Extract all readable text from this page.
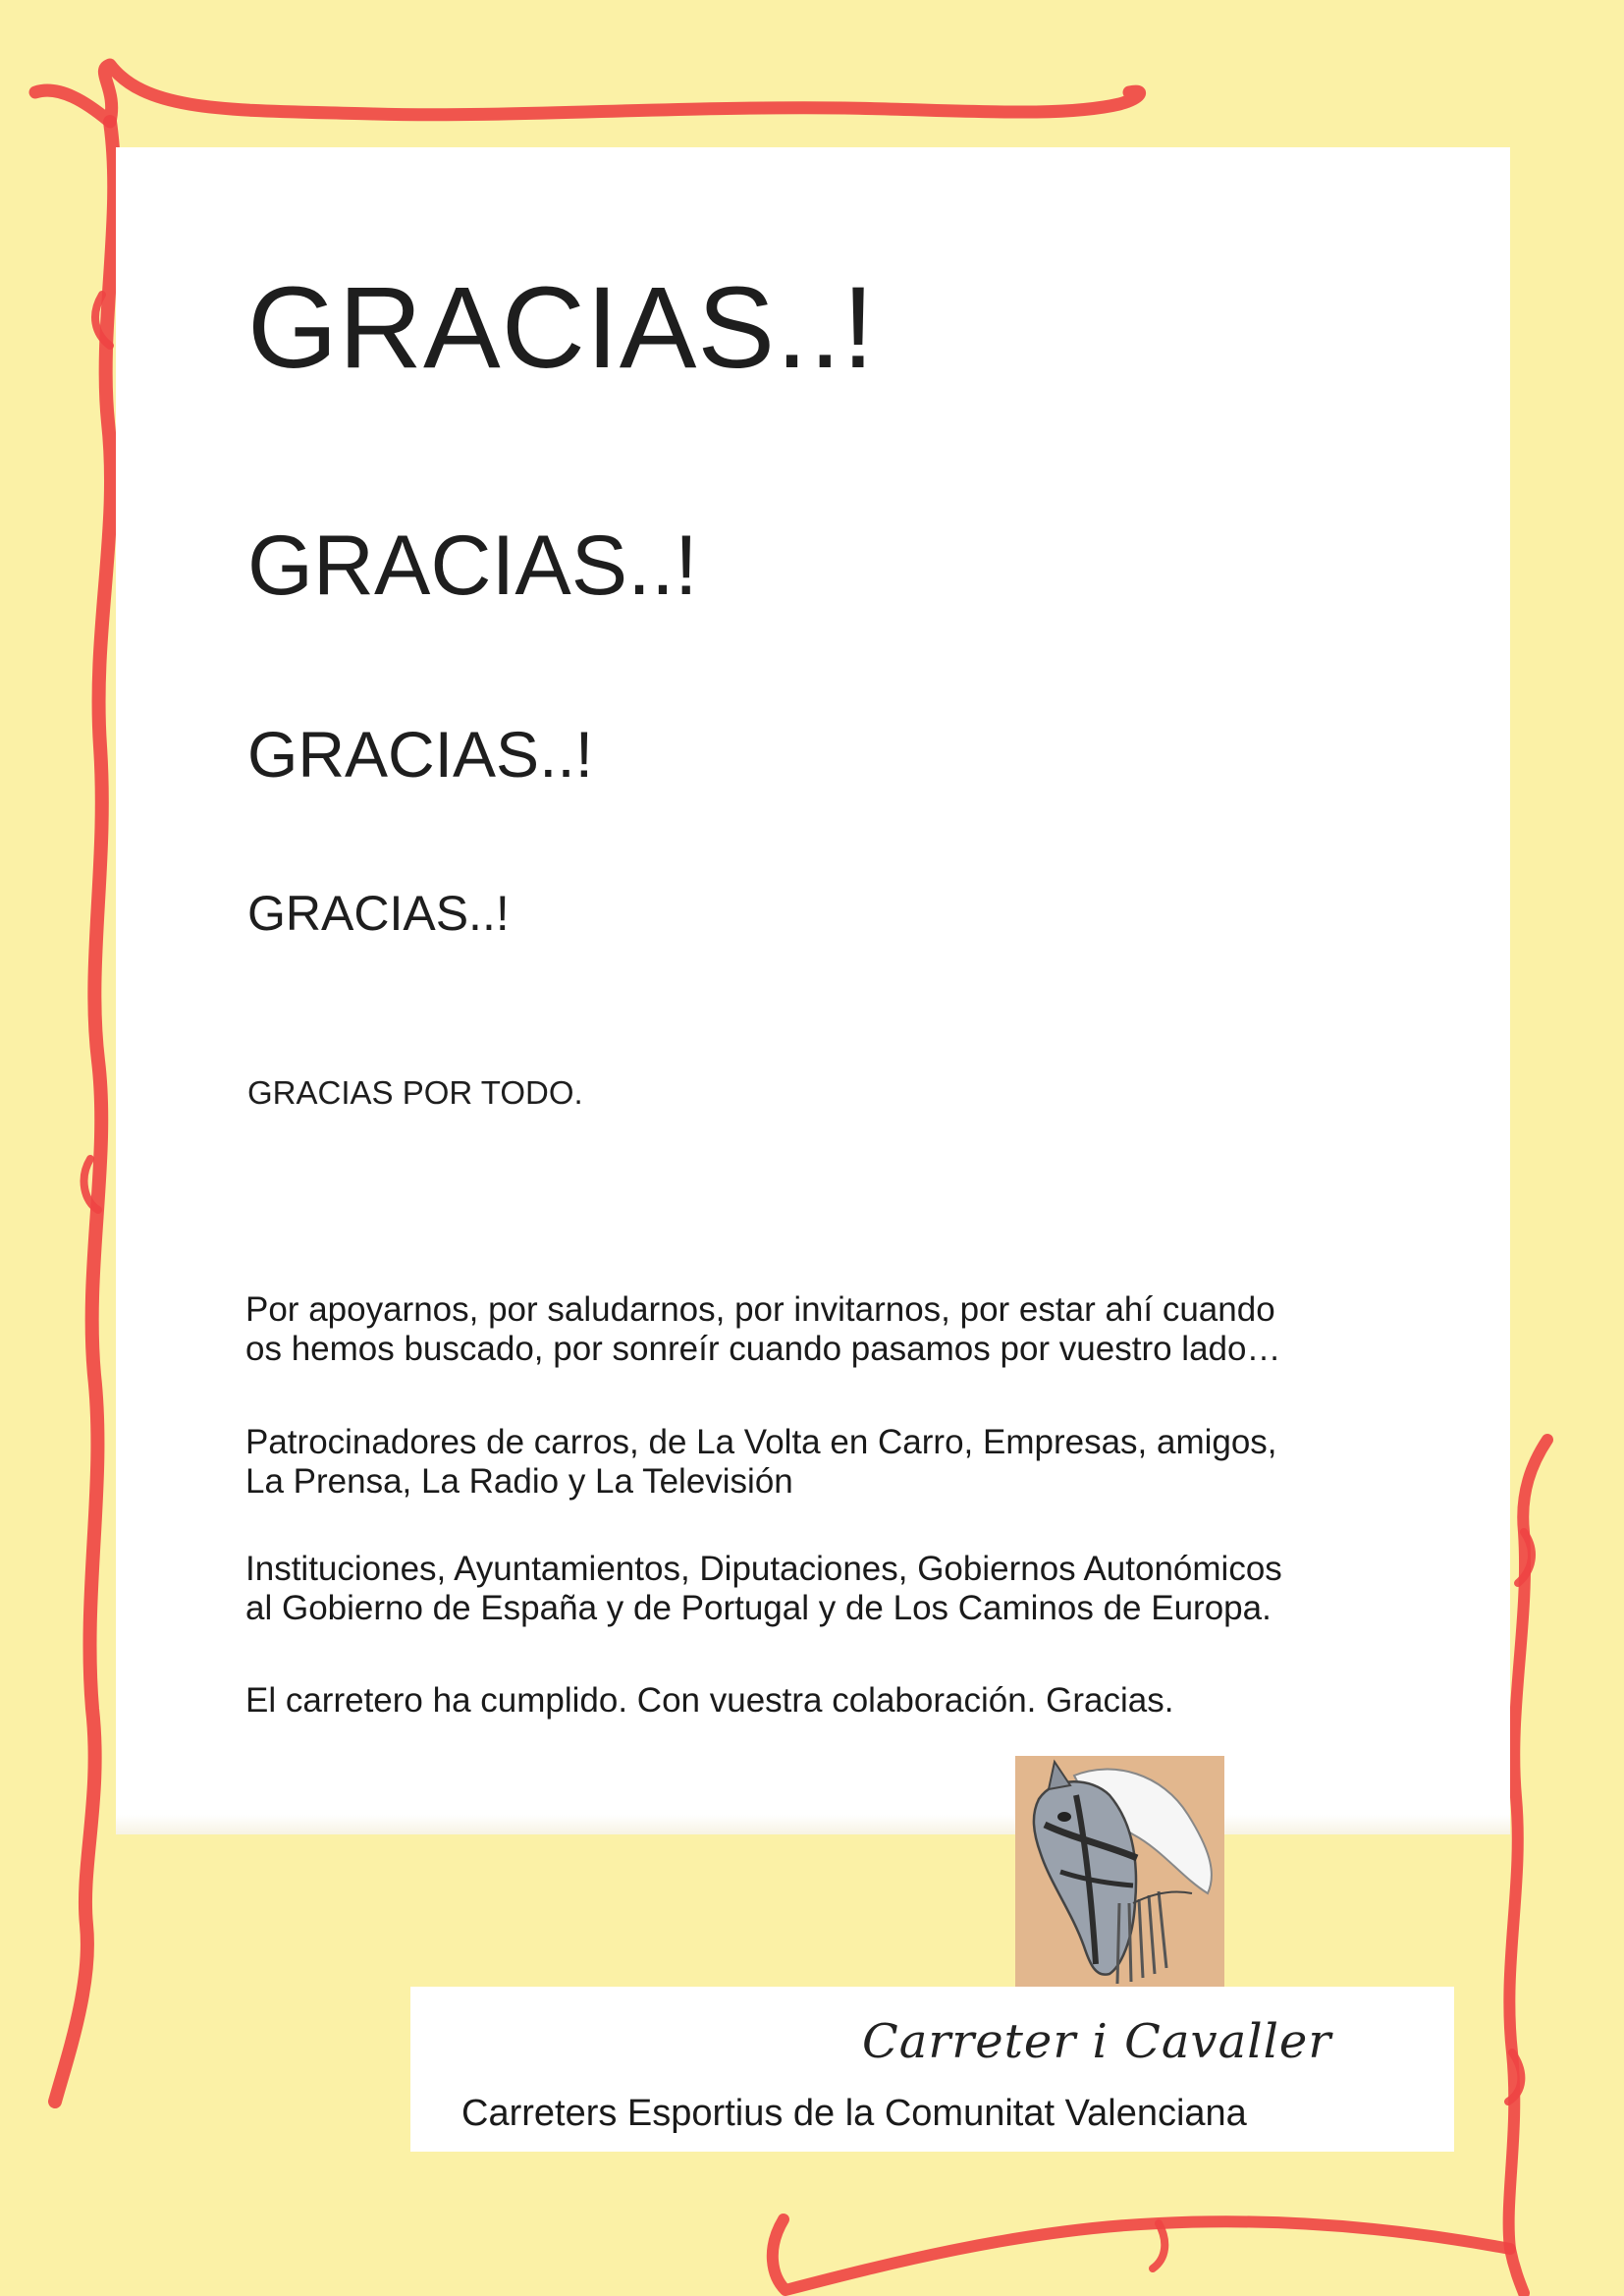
GRACIAS..!
GRACIAS..!
GRACIAS..!
GRACIAS..!
GRACIAS POR TODO.
Por apoyarnos, por saludarnos, por invitarnos, por estar ahí cuando
os hemos buscado, por sonreír cuando pasamos por vuestro lado…
Patrocinadores de carros, de La Volta en Carro, Empresas, amigos,
La Prensa, La Radio y La Televisión
Instituciones, Ayuntamientos, Diputaciones, Gobiernos Autonómicos
al Gobierno de España y de Portugal y de Los Caminos de Europa.
El carretero ha cumplido. Con vuestra colaboración. Gracias.

Carreter i Cavaller

Carreters Esportius de la Comunitat Valenciana
